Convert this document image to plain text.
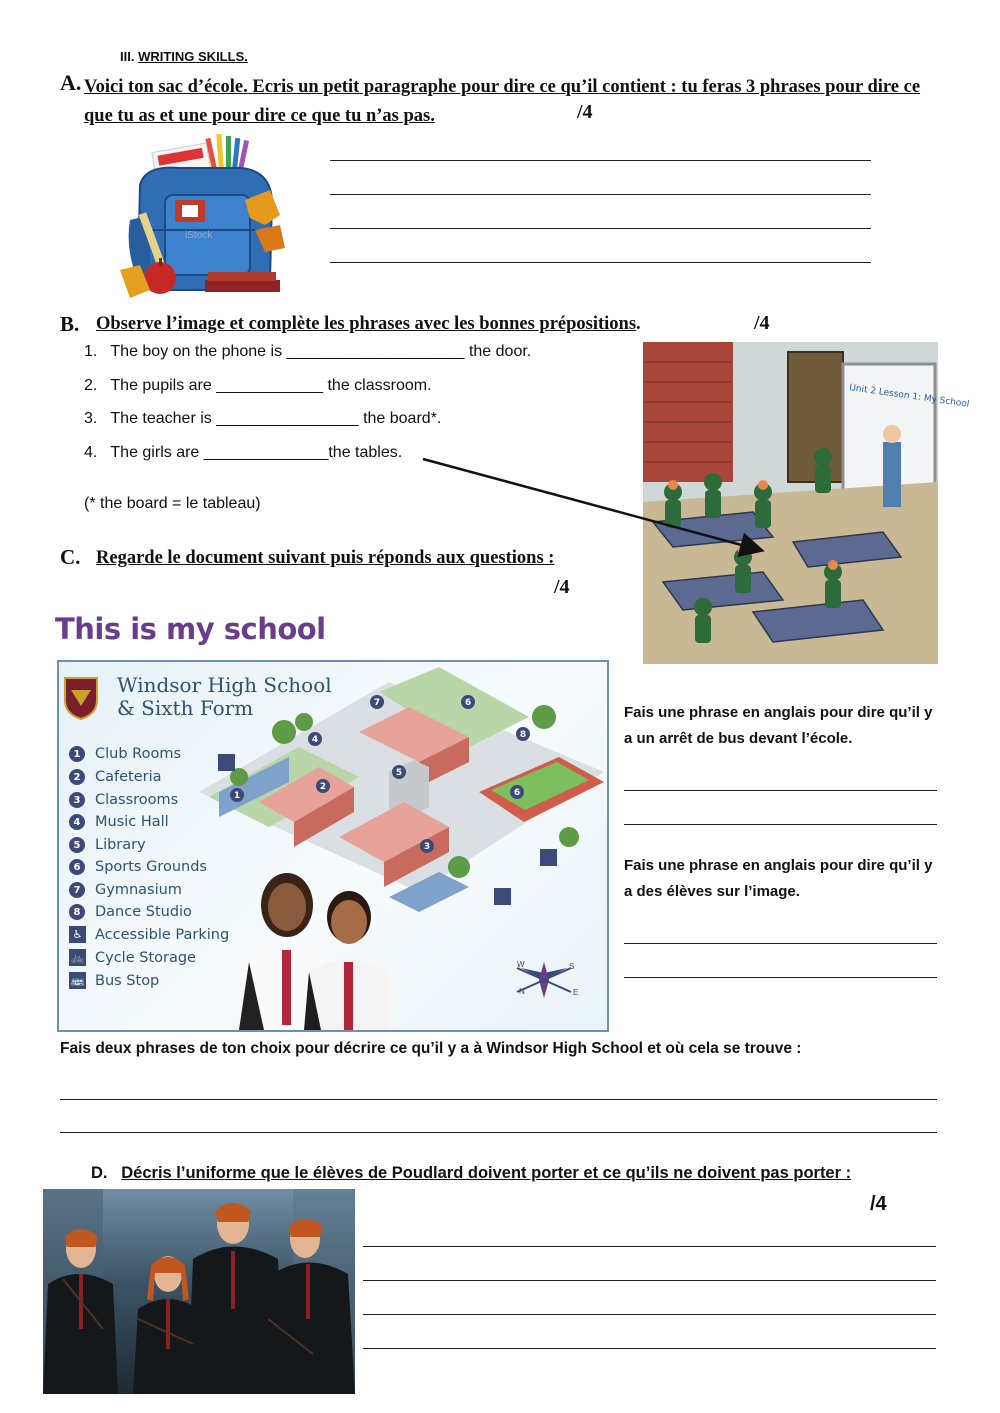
III. WRITING SKILLS.
A. Voici ton sac d’école. Ecris un petit paragraphe pour dire ce qu’il contient : tu feras 3 phrases pour dire ce que tu as et une pour dire ce que tu n’as pas.	/4
iStock
B. Observe l’image et complète les phrases avec les bonnes prépositions.	/4
1. The boy on the phone is ____________________ the door.
2. The pupils are ____________ the classroom.
3. The teacher is ________________ the board*.
4. The girls are ______________the tables.
(* the board = le tableau)
Unit 2 Lesson 1: My School
C. Regarde le document suivant puis réponds aux questions :
/4
This is my school
1
2
3
4
5
6
6
7
8
N
S
E
W
Windsor High School
& Sixth Form
1	Club Rooms
2	Cafeteria
3	Classrooms
4	Music Hall
5	Library
6	Sports Grounds
7	Gymnasium
8	Dance Studio
♿ Accessible Parking
🚲 Cycle Storage
🚌 Bus Stop
Fais une phrase en anglais pour dire qu’il y a un arrêt de bus devant l’école.
Fais une phrase en anglais pour dire qu’il y a des élèves sur l’image.
Fais deux phrases de ton choix pour décrire ce qu’il y a à Windsor High School et où cela se trouve :
D. Décris l’uniforme que le élèves de Poudlard doivent porter et ce qu’ils ne doivent pas porter :
/4
